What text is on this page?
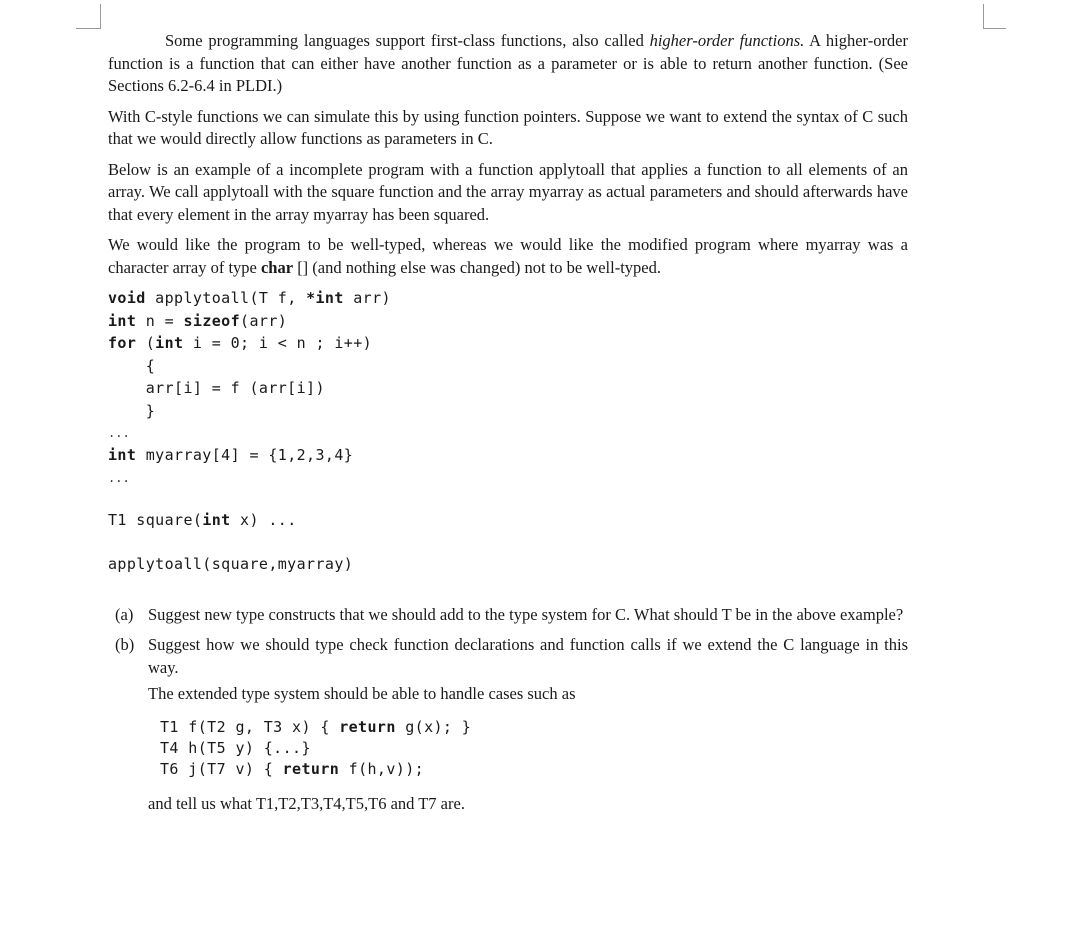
Some programming languages support first-class functions, also called higher-order functions. A higher-order function is a function that can either have another function as a parameter or is able to return another function. (See Sections 6.2-6.4 in PLDI.)

With C-style functions we can simulate this by using function pointers. Suppose we want to extend the syntax of C such that we would directly allow functions as parameters in C.

Below is an example of a incomplete program with a function applytoall that applies a function to all elements of an array. We call applytoall with the square function and the array myarray as actual parameters and should afterwards have that every element in the array myarray has been squared.

We would like the program to be well-typed, whereas we would like the modified program where myarray was a character array of type char [] (and nothing else was changed) not to be well-typed.

void applytoall(T f, *int arr)
int n = sizeof(arr)
for (int i = 0; i < n ; i++)
{
arr[i] = f (arr[i])
}
...
int myarray[4] = {1,2,3,4}
...
T1 square(int x) ...
applytoall(square,myarray)

(a) Suggest new type constructs that we should add to the type system for C. What should T be in the above example?

(b) Suggest how we should type check function declarations and function calls if we extend the C language in this way.

The extended type system should be able to handle cases such as

T1 f(T2 g, T3 x) { return g(x); }
T4 h(T5 y) {...}
T6 j(T7 v) { return f(h,v));

and tell us what T1,T2,T3,T4,T5,T6 and T7 are.
